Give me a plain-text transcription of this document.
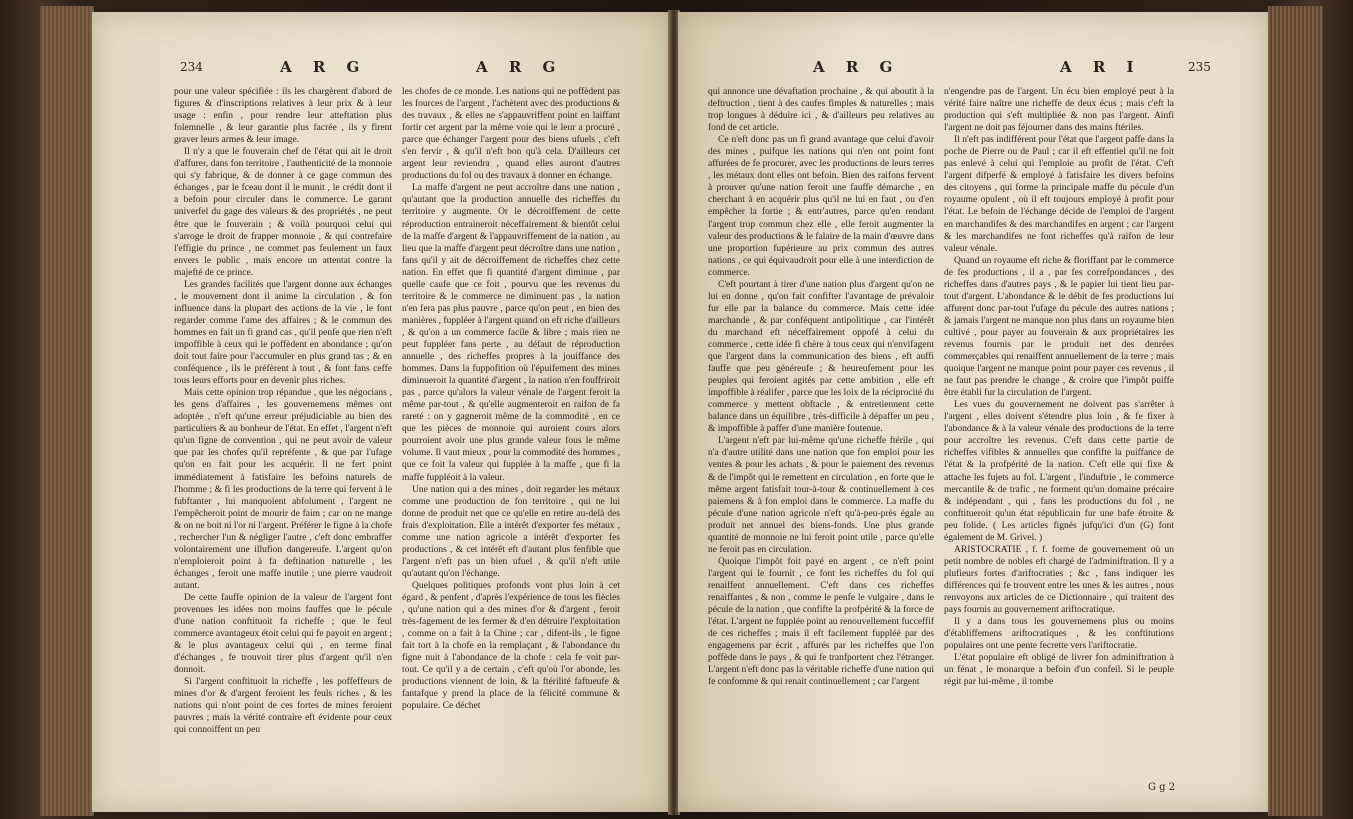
234	A R G	A R G

pour une valeur spécifiée : ils les chargèrent d'abord de figures & d'inscriptions relatives à leur prix & à leur usage : enfin , pour rendre leur atteftation plus folemnelle , & leur garantie plus facrée , ils y firent graver leurs armes & leur image.

Il n'y a que le fouverain chef de l'état qui ait le droit d'affurer, dans fon territoire , l'authenticité de la monnoie qui s'y fabrique, & de donner à ce gage commun des échanges , par le fceau dont il le munit , le crédit dont il a befoin pour circuler dans le commerce. Le garant univerfel du gage des valeurs & des propriétés , ne peut être que le fouverain ; & voilà pourquoi celui qui s'arroge le droit de frapper monnoie , & qui contrefaire l'effigie du prince , ne commet pas feulement un faux envers le public , mais encore un attentat contre la majefté de ce prince.

Les grandes facilités que l'argent donne aux échanges , le mouvement dont il anime la circulation , & fon influence dans la plupart des actions de la vie , le font regarder comme l'ame des affaires ; & le commun des hommes en fait un fi grand cas , qu'il penfe que rien n'eft impoffible à ceux qui le poffèdent en abondance ; qu'on doit tout faire pour l'accumuler en plus grand tas ; & en conféquence , ils le préfèrent à tout , & font fans ceffe tous leurs efforts pour en devenir plus riches.

Mais cette opinion trop répandue , que les négocians , les gens d'affaires , les gouvernemens mêmes ont adoptée , n'eft qu'une erreur préjudiciable au bien des particuliers & au bonheur de l'état. En effet , l'argent n'eft qu'un figne de convention , qui ne peut avoir de valeur que par les chofes qu'il repréfente , & que par l'ufage qu'on en fait pour les acquérir. Il ne fert point immédiatement à fatisfaire les befoins naturels de l'homme ; & fi les productions de la terre qui fervent à le fubftanter , lui manquoient abfolument , l'argent ne l'empêcheroit point de mourir de faim ; car on ne mange & on ne boit ni l'or ni l'argent. Préférer le figne à la chofe , rechercher l'un & négliger l'autre , c'eft donc embraffer volontairement une illufion dangereufe. L'argent qu'on n'emploieroit point à fa deftination naturelle , les échanges , feroit une maffe inutile ; une pierre vaudroit autant.

De cette fauffe opinion de la valeur de l'argent font provenues les idées non moins fauffes que le pécule d'une nation conftituoit fa richeffe ; que le feul commerce avantageux étoit celui qui fe payoit en argent ; & le plus avantageux celui qui , en terme final d'échanges , fe trouvoit tirer plus d'argent qu'il n'en donnoit.

Si l'argent conftituoit la richeffe , les poffeffeurs de mines d'or & d'argent feroient les feuls riches , & les nations qui n'ont point de ces fortes de mines feroient pauvres ; mais la vérité contraire eft évidente pour ceux qui connoiffent un peu

les chofes de ce monde. Les nations qui ne poffèdent pas les fources de l'argent , l'achètent avec des productions & des travaux , & elles ne s'appauvriffent point en laiffant fortir cet argent par la même voie qui le leur a procuré , parce que échanger l'argent pour des biens ufuels , c'eft s'en fervir , & qu'il n'eft bon qu'à cela. D'ailleurs cet argent leur reviendra , quand elles auront d'autres productions du fol ou des travaux à donner en échange.

La maffe d'argent ne peut accroître dans une nation , qu'autant que la production annuelle des richeffes du territoire y augmente. Or le décroiffement de cette réproduction entraineroit néceffairement & bientôt celui de la maffe d'argent & l'appauvriffement de la nation , au lieu que la maffe d'argent peut décroître dans une nation , fans qu'il y ait de décroiffement de richeffes chez cette nation. En effet que fi quantité d'argent diminue , par quelle caufe que ce foit , pourvu que les revenus du territoire & le commerce ne diminuent pas , la nation n'en fera pas plus pauvre , parce qu'on peut , en bien des manières , fuppléer à l'argent quand on eft riche d'ailleurs , & qu'on a un commerce facile & libre ; mais rien ne peut fuppléer fans perte , au défaut de réproduction annuelle , des richeffes propres à la jouiffance des hommes. Dans la fuppofition où l'épuifement des mines diminueroit la quantité d'argent , la nation n'en fouffriroit pas , parce qu'alors la valeur vénale de l'argent feroit la même par-tout , & qu'elle augmenteroit en raifon de fa rareté : on y gagneroit même de la commodité , en ce que les pièces de monnoie qui auroient cours alors pourroient avoir une plus grande valeur fous le même volume. Il vaut mieux , pour la commodité des hommes , que ce foit la valeur qui fupplée à la maffe , que fi la maffe fuppléoit à la valeur.

Une nation qui a des mines , doit regarder les métaux comme une production de fon territoire , qui ne lui donne de produit net que ce qu'elle en retire au-delà des frais d'exploitation. Elle a intérêt d'exporter fes métaux , comme une nation agricole a intérêt d'exporter fes productions , & cet intérêt eft d'autant plus fenfible que l'argent n'eft pas un bien ufuel , & qu'il n'eft utile qu'autant qu'on l'échange.

Quelques politiques profonds vont plus loin à cet égard , & penfent , d'après l'expérience de tous les fiècles , qu'une nation qui a des mines d'or & d'argent , feroit très-fagement de les fermer & d'en détruire l'exploitation , comme on a fait à la Chine ; car , difent-ils , le figne fait tort à la chofe en la remplaçant , & l'abondance du figne nuit à l'abondance de la chofe : cela fe voit par-tout. Ce qu'il y a de certain , c'eft qu'où l'or abonde, les productions viennent de loin, & la ftérilité faftueufe & fantafque y prend la place de la félicité commune & populaire. Ce déchet

A R G	A R I	235

qui annonce une dévaftation prochaine , & qui aboutit à la deftruction , tient à des caufes fimples & naturelles ; mais trop longues à déduire ici , & d'ailleurs peu relatives au fond de cet article.

Ce n'eft donc pas un fi grand avantage que celui d'avoir des mines , puifque les nations qui n'en ont point font affurées de fe procurer, avec les productions de leurs terres , les métaux dont elles ont befoin. Bien des raifons fervent à prouver qu'une nation feroit une fauffe démarche , en cherchant à en acquérir plus qu'il ne lui en faut , ou d'en empêcher la fortie ; & entr'autres, parce qu'en rendant l'argent trop commun chez elle , elle feroit augmenter la valeur des productions & le falaire de la main d'œuvre dans une proportion fupérieure au prix commun des autres nations , ce qui équivaudroit pour elle à une interdiction de commerce.

C'eft pourtant à tirer d'une nation plus d'argent qu'on ne lui en donne , qu'on fait confifter l'avantage de prévaloir fur elle par la balance du commerce. Mais cette idée marchande , & par conféquent antipolitique , car l'intérêt du marchand eft néceffairement oppofé à celui du commerce , cette idée fi chère à tous ceux qui n'envifagent que l'argent dans la communication des biens , eft auffi fauffe que peu généreufe ; & heureufement pour les peuples qui feroient agités par cette ambition , elle eft impoffible à réalifer , parce que les loix de la réciprocité du commerce y mettent obftacle , & entretiennent cette balance dans un équilibre , très-difficile à dépaffer un peu , & impoffible à paffer d'une manière foutenue.

L'argent n'eft par lui-même qu'une richeffe ftérile , qui n'a d'autre utilité dans une nation que fon emploi pour les ventes & pour les achats , & pour le paiement des revenus & de l'impôt qui le remettent en circulation , en forte que le même argent fatisfait tour-à-tour & continuellement à ces paiemens & à fon emploi dans le commerce. La maffe du pécule d'une nation agricole n'eft qu'à-peu-près égale au produit net annuel des biens-fonds. Une plus grande quantité de monnoie ne lui feroit point utile , parce qu'elle ne feroit pas en circulation.

Quoique l'impôt foit payé en argent , ce n'eft point l'argent qui le fournit , ce font les richeffes du fol qui renaiffent annuellement. C'eft dans ces richeffes renaiffantes , & non , comme le penfe le vulgaire , dans le pécule de la nation , que confifte la profpérité & la force de l'état. L'argent ne fupplée point au renouvellement fucceffif de ces richeffes ; mais il eft facilement fuppléé par des engagemens par écrit , affurés par les richeffes que l'on poffède dans le pays , & qui fe tranfportent chez l'étranger. L'argent n'eft donc pas la véritable richeffe d'une nation qui fe confomme & qui renait continuellement ; car l'argent

n'engendre pas de l'argent. Un écu bien employé peut à la vérité faire naître une richeffe de deux écus ; mais c'eft la production qui s'eft multipliée & non pas l'argent. Ainfi l'argent ne doit pas féjourner dans des mains ftériles.

Il n'eft pas indifférent pour l'état que l'argent paffe dans la poche de Pierre ou de Paul ; car il eft effentiel qu'il ne foit pas enlevé à celui qui l'emploie au profit de l'état. C'eft l'argent difperfé & employé à fatisfaire les divers befoins des citoyens , qui forme la principale maffe du pécule d'un royaume opulent , où il eft toujours employé à profit pour l'état. Le befoin de l'échange décide de l'emploi de l'argent en marchandifes & des marchandifes en argent ; car l'argent & les marchandifes ne font richeffes qu'à raifon de leur valeur vénale.

Quand un royaume eft riche & floriffant par le commerce de fes productions , il a , par fes correfpondances , des richeffes dans d'autres pays , & le papier lui tient lieu par-tout d'argent. L'abondance & le débit de fes productions lui affurent donc par-tout l'ufage du pécule des autres nations ; & jamais l'argent ne manque non plus dans un royaume bien cultivé , pour payer au fouverain & aux propriétaires les revenus fournis par le produit net des denrées commerçables qui renaiffent annuellement de la terre ; mais quoique l'argent ne manque point pour payer ces revenus , il ne faut pas prendre le change , & croire que l'impôt puiffe être établi fur la circulation de l'argent.

Les vues du gouvernement ne doivent pas s'arrêter à l'argent , elles doivent s'étendre plus loin , & fe fixer à l'abondance & à la valeur vénale des productions de la terre pour accroître les revenus. C'eft dans cette partie de richeffes vifibles & annuelles que confifte la puiffance de l'état & la profpérité de la nation. C'eft elle qui fixe & attache les fujets au fol. L'argent , l'induftrie , le commerce mercantile & de trafic , ne forment qu'un domaine précaire & indépendant , qui , fans les productions du fol , ne conftitueroit qu'un état républicain fur une bafe étroite & peu folide. ( Les articles fignés jufqu'ici d'un (G) font également de M. Grivel. )

ARISTOCRATIE , f. f. forme de gouvernement où un petit nombre de nobles eft chargé de l'adminiftration. Il y a plufieurs fortes d'ariftocraties ; &c , fans indiquer les différences qui fe trouvent entre les unes & les autres , nous renvoyons aux articles de ce Dictionnaire , qui traitent des pays fournis au gouvernement ariftocratique.

Il y a dans tous les gouvernemens plus ou moins d'établiffemens ariftocratiques , & les conftitutions populaires ont une pente fecrette vers l'ariftocratie.

L'état populaire eft obligé de livrer fon adminiftration à un fénat , le monarque a befoin d'un confeil. Si le peuple régit par lui-même , il tombe

G g 2
